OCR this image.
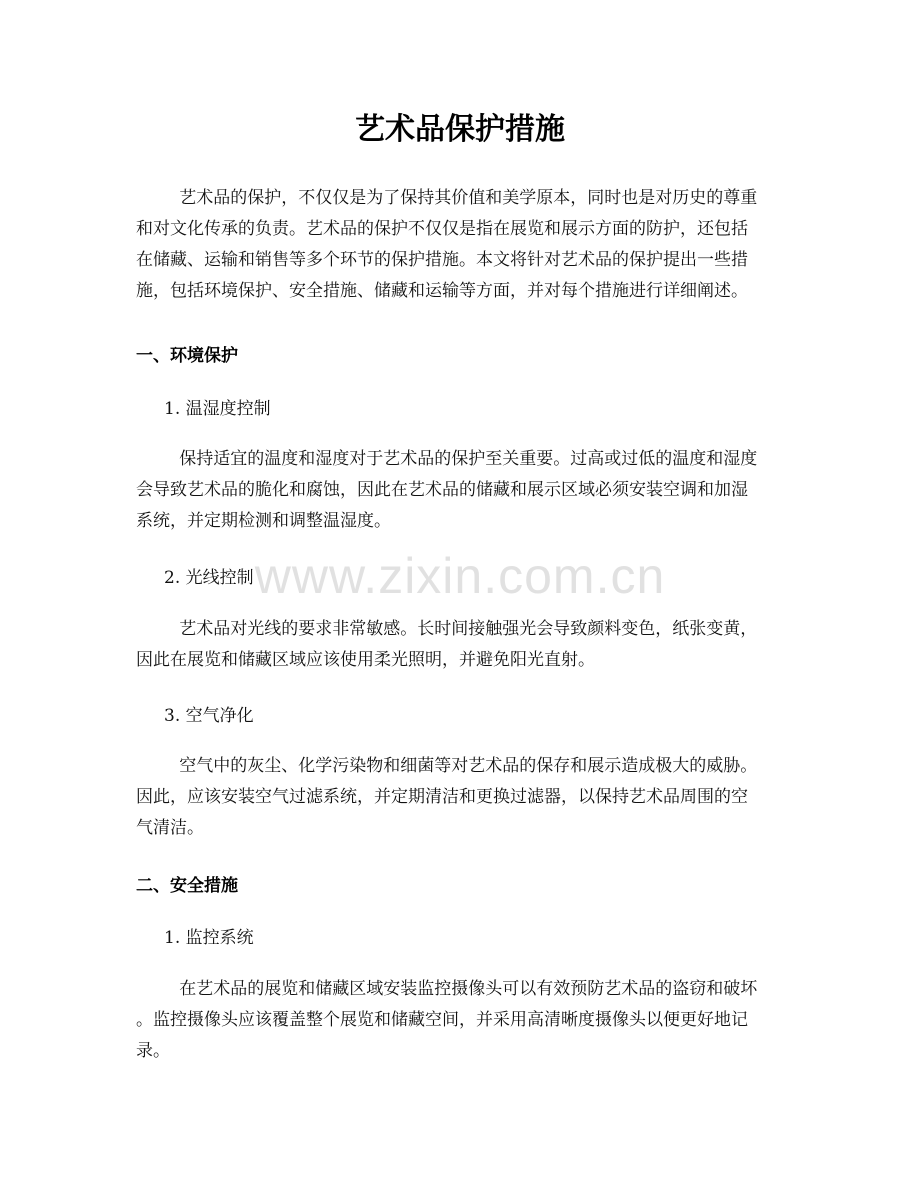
www.zixin.com.cn
艺术品保护措施

艺术品的保护，不仅仅是为了保持其价值和美学原本，同时也是对历史的尊重

和对文化传承的负责。艺术品的保护不仅仅是指在展览和展示方面的防护，还包括

在储藏、运输和销售等多个环节的保护措施。本文将针对艺术品的保护提出一些措

施，包括环境保护、安全措施、储藏和运输等方面，并对每个措施进行详细阐述。

一、环境保护
1. 温湿度控制

保持适宜的温度和湿度对于艺术品的保护至关重要。过高或过低的温度和湿度

会导致艺术品的脆化和腐蚀，因此在艺术品的储藏和展示区域必须安装空调和加湿

系统，并定期检测和调整温湿度。

2. 光线控制

艺术品对光线的要求非常敏感。长时间接触强光会导致颜料变色，纸张变黄，

因此在展览和储藏区域应该使用柔光照明，并避免阳光直射。

3. 空气净化

空气中的灰尘、化学污染物和细菌等对艺术品的保存和展示造成极大的威胁。

因此，应该安装空气过滤系统，并定期清洁和更换过滤器，以保持艺术品周围的空

气清洁。

二、安全措施
1. 监控系统

在艺术品的展览和储藏区域安装监控摄像头可以有效预防艺术品的盗窃和破坏

。监控摄像头应该覆盖整个展览和储藏空间，并采用高清晰度摄像头以便更好地记

录。
